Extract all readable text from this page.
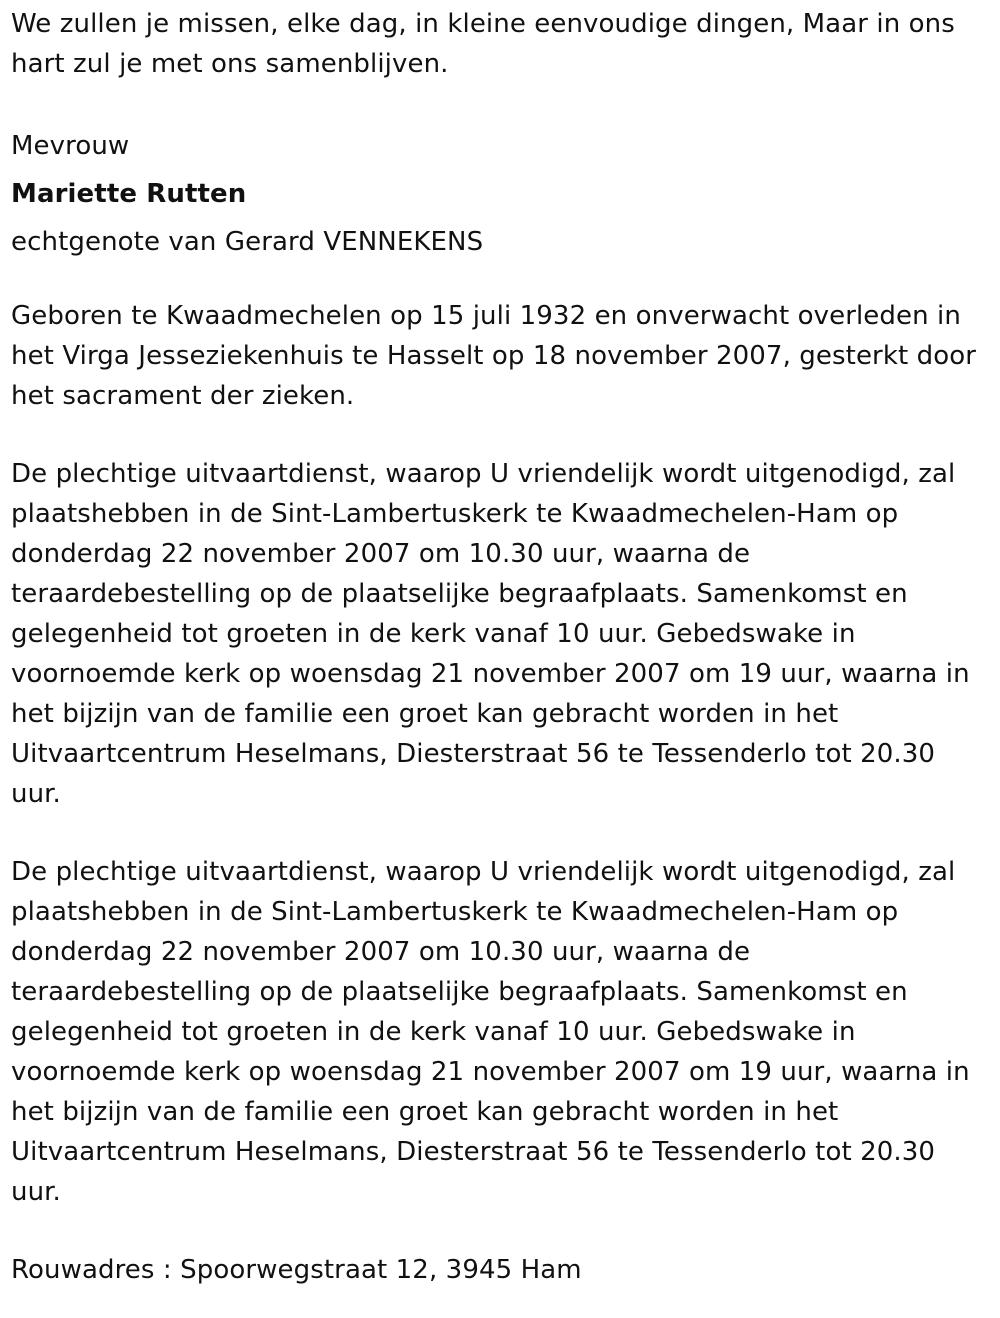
We zullen je missen, elke dag, in kleine eenvoudige dingen, Maar in ons hart zul je met ons samenblijven.

Mevrouw

Mariette Rutten

echtgenote van Gerard VENNEKENS

Geboren te Kwaadmechelen op 15 juli 1932 en onverwacht overleden in het Virga Jesseziekenhuis te Hasselt op 18 november 2007, gesterkt door het sacrament der zieken.

De plechtige uitvaartdienst, waarop U vriendelijk wordt uitgenodigd, zal plaatshebben in de Sint-Lambertuskerk te Kwaadmechelen-Ham op donderdag 22 november 2007 om 10.30 uur, waarna de teraardebestelling op de plaatselijke begraafplaats. Samenkomst en gelegenheid tot groeten in de kerk vanaf 10 uur. Gebedswake in voornoemde kerk op woensdag 21 november 2007 om 19 uur, waarna in het bijzijn van de familie een groet kan gebracht worden in het Uitvaartcentrum Heselmans, Diesterstraat 56 te Tessenderlo tot 20.30 uur.

De plechtige uitvaartdienst, waarop U vriendelijk wordt uitgenodigd, zal plaatshebben in de Sint-Lambertuskerk te Kwaadmechelen-Ham op donderdag 22 november 2007 om 10.30 uur, waarna de teraardebestelling op de plaatselijke begraafplaats. Samenkomst en gelegenheid tot groeten in de kerk vanaf 10 uur. Gebedswake in voornoemde kerk op woensdag 21 november 2007 om 19 uur, waarna in het bijzijn van de familie een groet kan gebracht worden in het Uitvaartcentrum Heselmans, Diesterstraat 56 te Tessenderlo tot 20.30 uur.

Rouwadres : Spoorwegstraat 12, 3945 Ham
